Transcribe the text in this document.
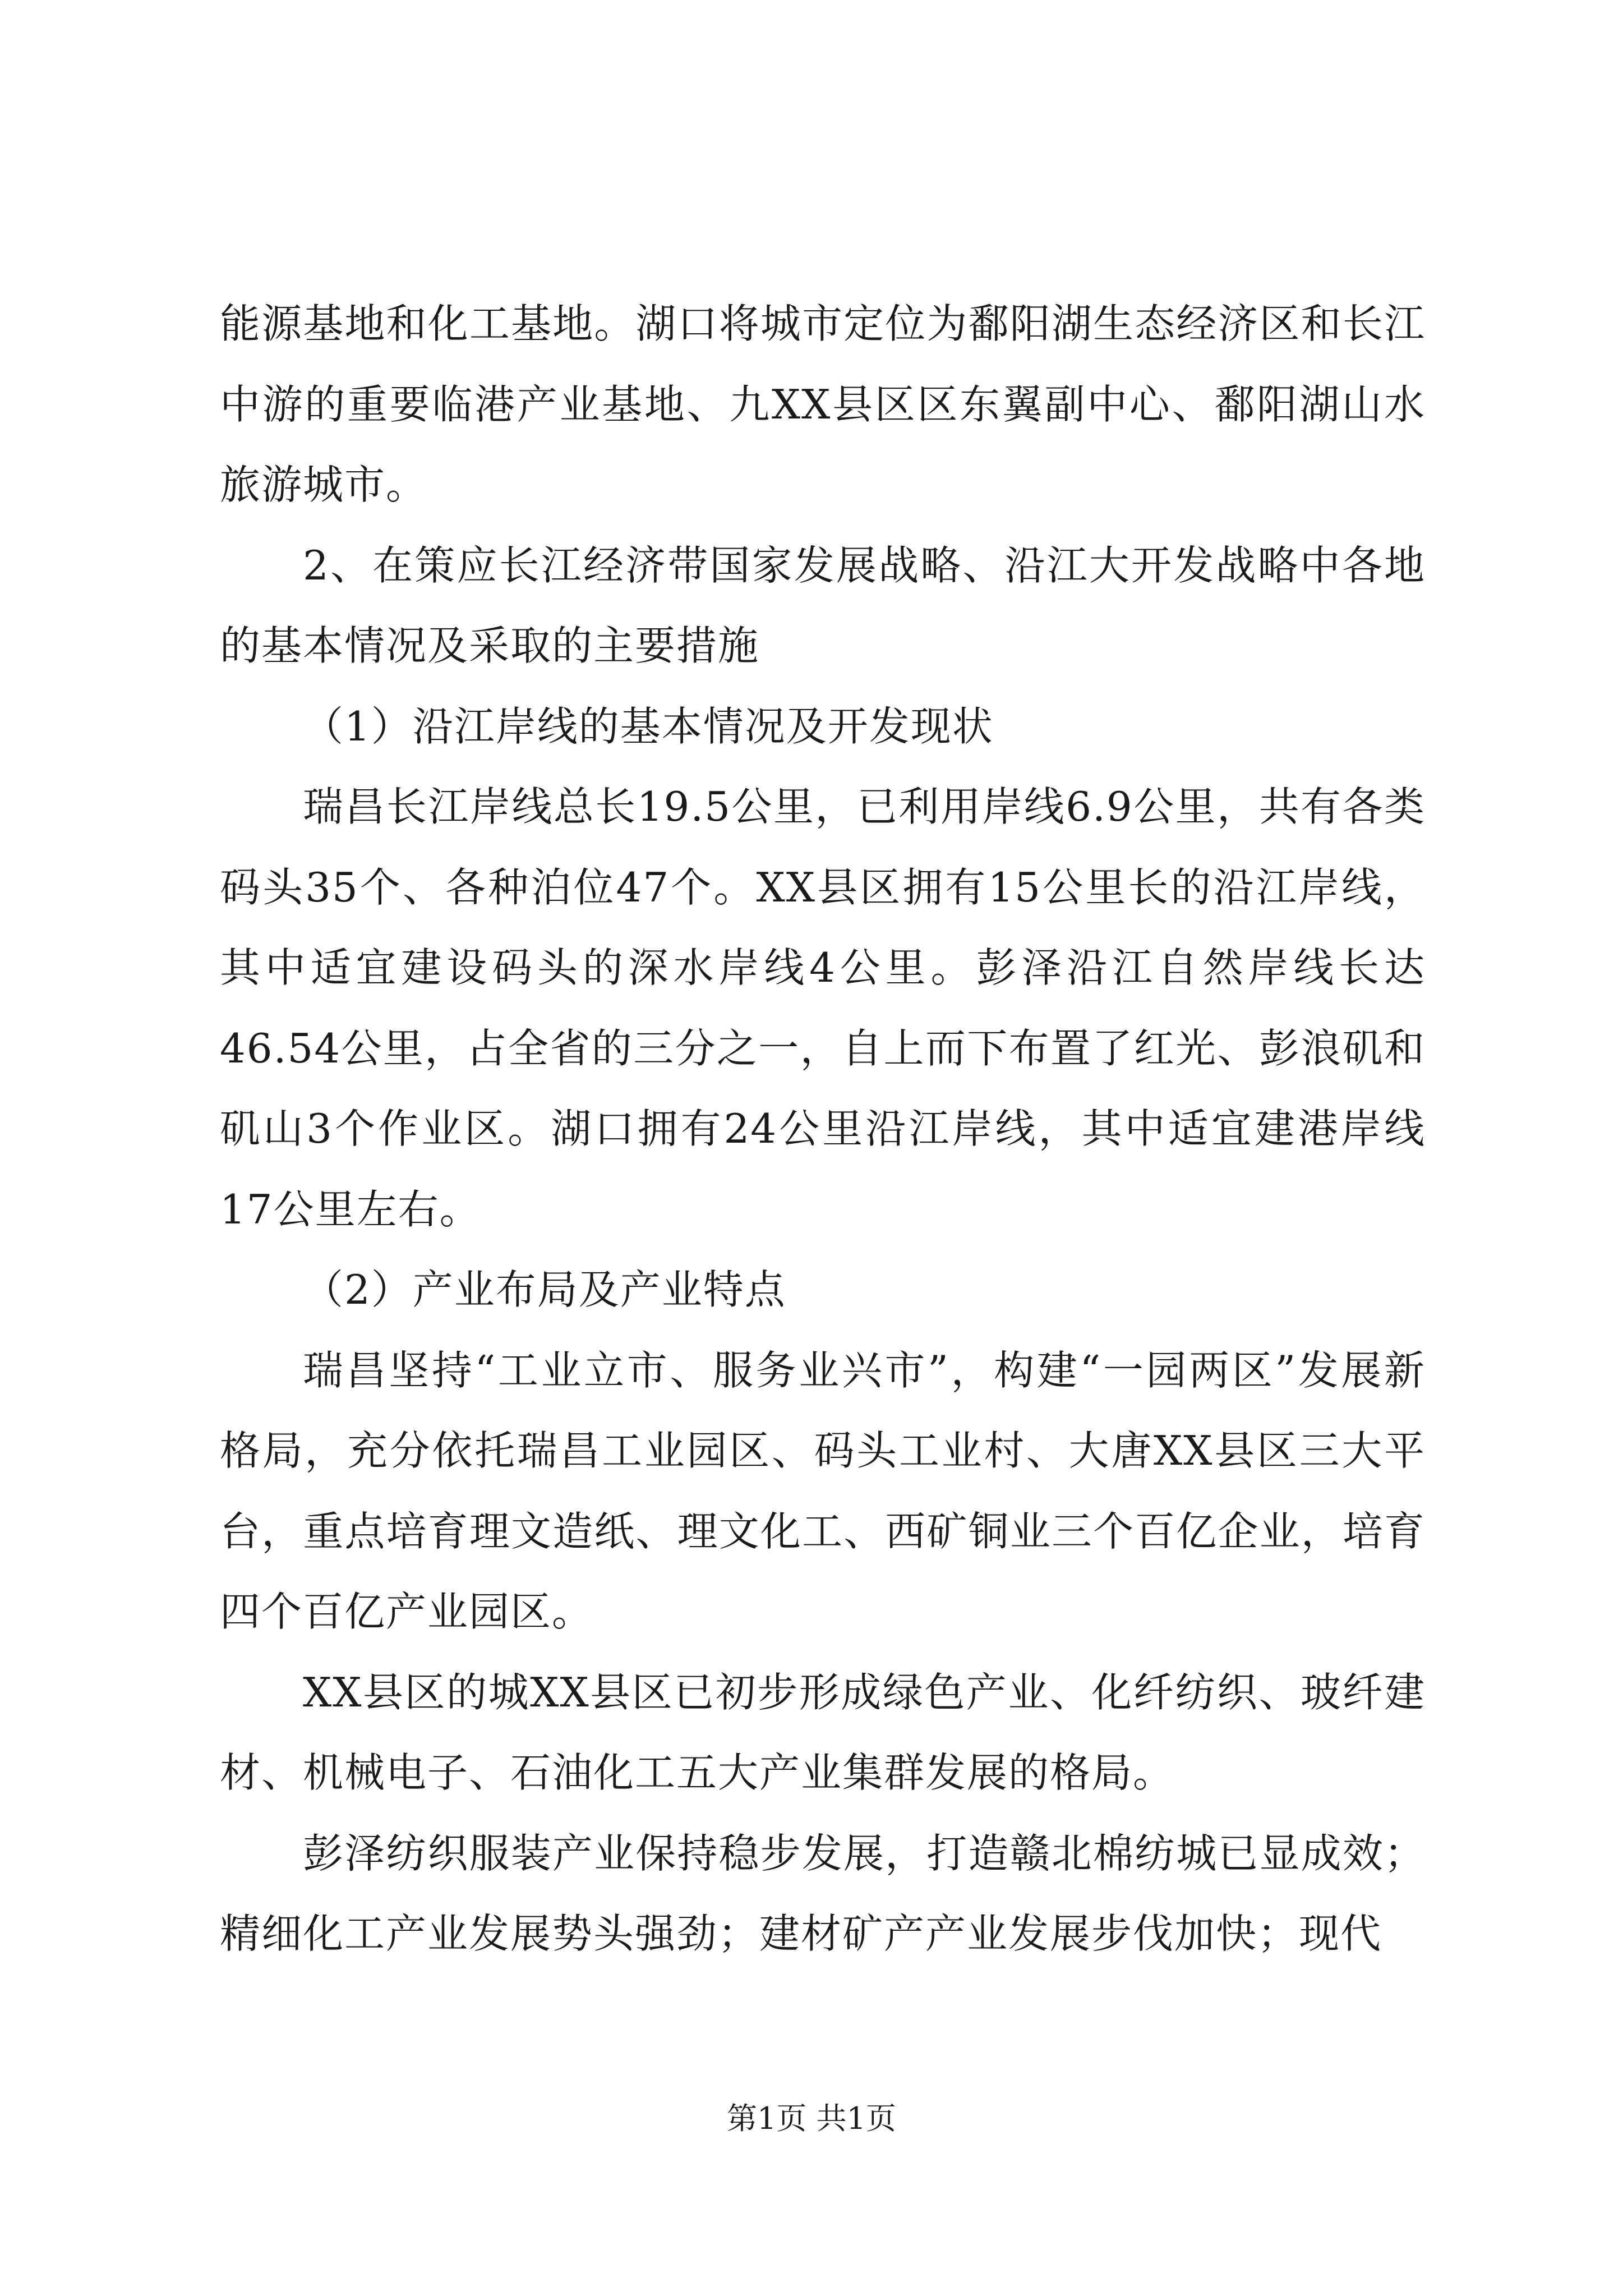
能源基地和化工基地。湖口将城市定位为鄱阳湖生态经济区和长江中游的重要临港产业基地、九XX县区区东翼副中心、鄱阳湖山水旅游城市。

2、在策应长江经济带国家发展战略、沿江大开发战略中各地的基本情况及采取的主要措施

（1）沿江岸线的基本情况及开发现状

瑞昌长江岸线总长19.5公里，已利用岸线6.9公里，共有各类码头35个、各种泊位47个。XX县区拥有15公里长的沿江岸线，其中适宜建设码头的深水岸线4公里。彭泽沿江自然岸线长达46.54公里，占全省的三分之一，自上而下布置了红光、彭浪矶和矶山3个作业区。湖口拥有24公里沿江岸线，其中适宜建港岸线17公里左右。

（2）产业布局及产业特点

瑞昌坚持“工业立市、服务业兴市”，构建“一园两区”发展新格局，充分依托瑞昌工业园区、码头工业村、大唐XX县区三大平台，重点培育理文造纸、理文化工、西矿铜业三个百亿企业，培育四个百亿产业园区。

XX县区的城XX县区已初步形成绿色产业、化纤纺织、玻纤建材、机械电子、石油化工五大产业集群发展的格局。

彭泽纺织服装产业保持稳步发展，打造赣北棉纺城已显成效；精细化工产业发展势头强劲；建材矿产产业发展步伐加快；现代

第1页 共1页
